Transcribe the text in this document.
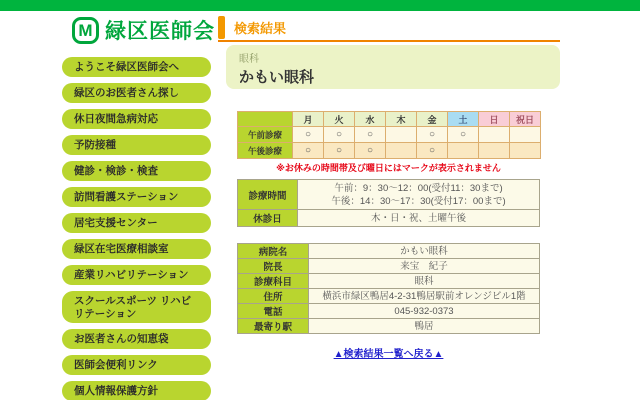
M 緑区医師会 検索結果
眼科
かもい眼科
ようこそ緑区医師会へ
緑区のお医者さん探し
休日夜間急病対応
予防接種
健診・検診・検査
訪問看護ステーション
居宅支援センター
緑区在宅医療相談室
産業リハビリテーション
スクールスポーツ リハビリテーション
お医者さんの知恵袋
医師会便利リンク
個人情報保護方針
	月	火	水	木	金	土	日	祝日
午前診療	○	○	○		○	○		
午後診療	○	○	○		○			
※お休みの時間帯及び曜日にはマークが表示されません
診療時間	午前：9：30～12：00(受付11：30まで)
午後：14：30～17：30(受付17：00まで)

休診日	木・日・祝、土曜午後
病院名	かもい眼科
院長	来宝　紀子
診療科目	眼科
住所	横浜市緑区鴨居4-2-31鴨居駅前オレンジビル1階
電話	045-932-0373
最寄り駅	鴨居
▲検索結果一覧へ戻る▲
